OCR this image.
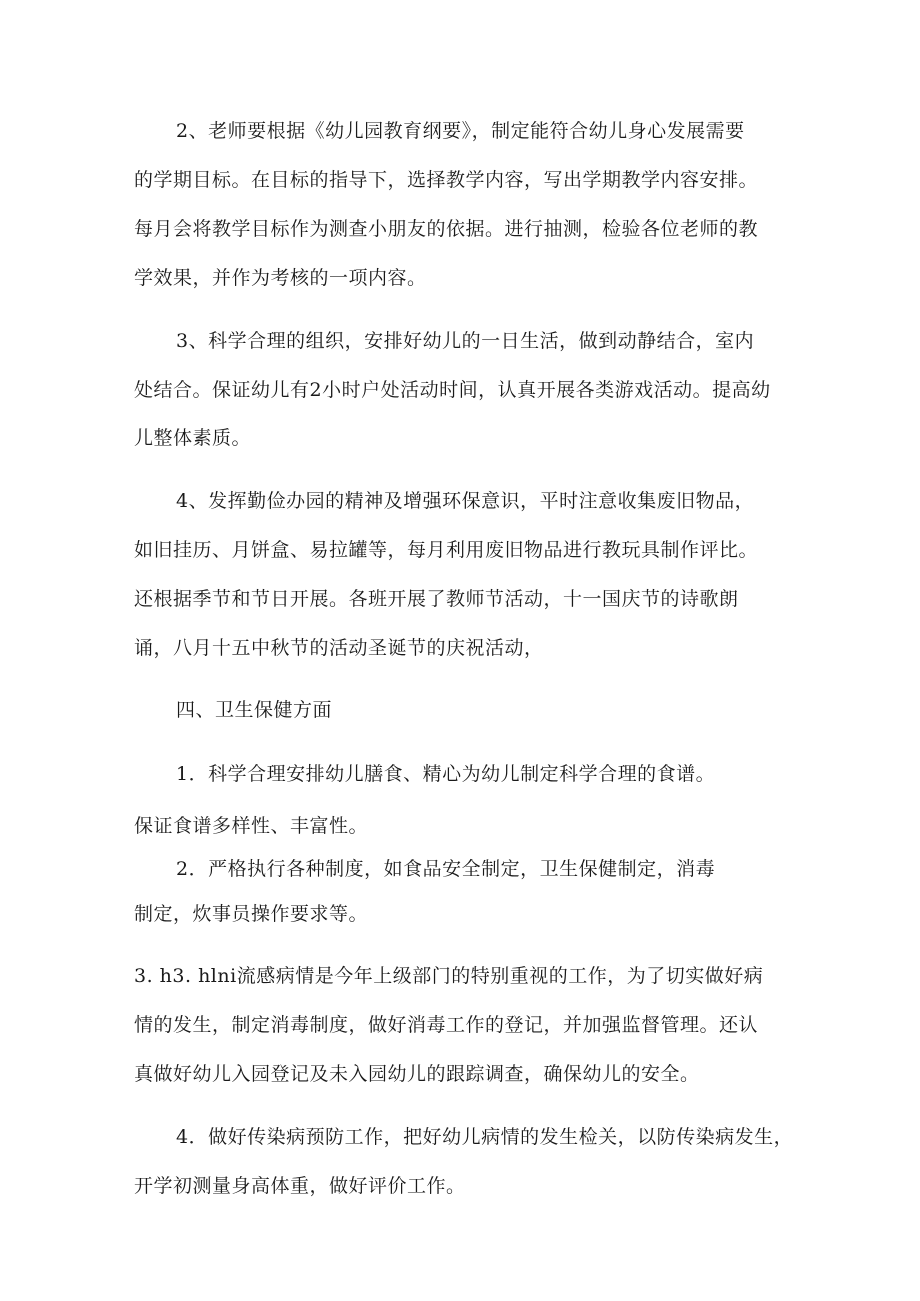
2、老师要根据《幼儿园教育纲要》，制定能符合幼儿身心发展需要
的学期目标。在目标的指导下，选择教学内容，写出学期教学内容安排。
每月会将教学目标作为测查小朋友的依据。进行抽测，检验各位老师的教
学效果，并作为考核的一项内容。
3、科学合理的组织，安排好幼儿的一日生活，做到动静结合，室内
处结合。保证幼儿有2小时户处活动时间，认真开展各类游戏活动。提高幼
儿整体素质。
4、发挥勤俭办园的精神及增强环保意识，平时注意收集废旧物品，
如旧挂历、月饼盒、易拉罐等，每月利用废旧物品进行教玩具制作评比。
还根据季节和节日开展。各班开展了教师节活动，十一国庆节的诗歌朗
诵，八月十五中秋节的活动圣诞节的庆祝活动，
四、卫生保健方面
1．科学合理安排幼儿膳食、精心为幼儿制定科学合理的食谱。
保证食谱多样性、丰富性。
2．严格执行各种制度，如食品安全制定，卫生保健制定，消毒
制定，炊事员操作要求等。
3. h3. hlni流感病情是今年上级部门的特别重视的工作，为了切实做好病
情的发生，制定消毒制度，做好消毒工作的登记，并加强监督管理。还认
真做好幼儿入园登记及未入园幼儿的跟踪调查，确保幼儿的安全。
4．做好传染病预防工作，把好幼儿病情的发生检关，以防传染病发生，
开学初测量身高体重，做好评价工作。
